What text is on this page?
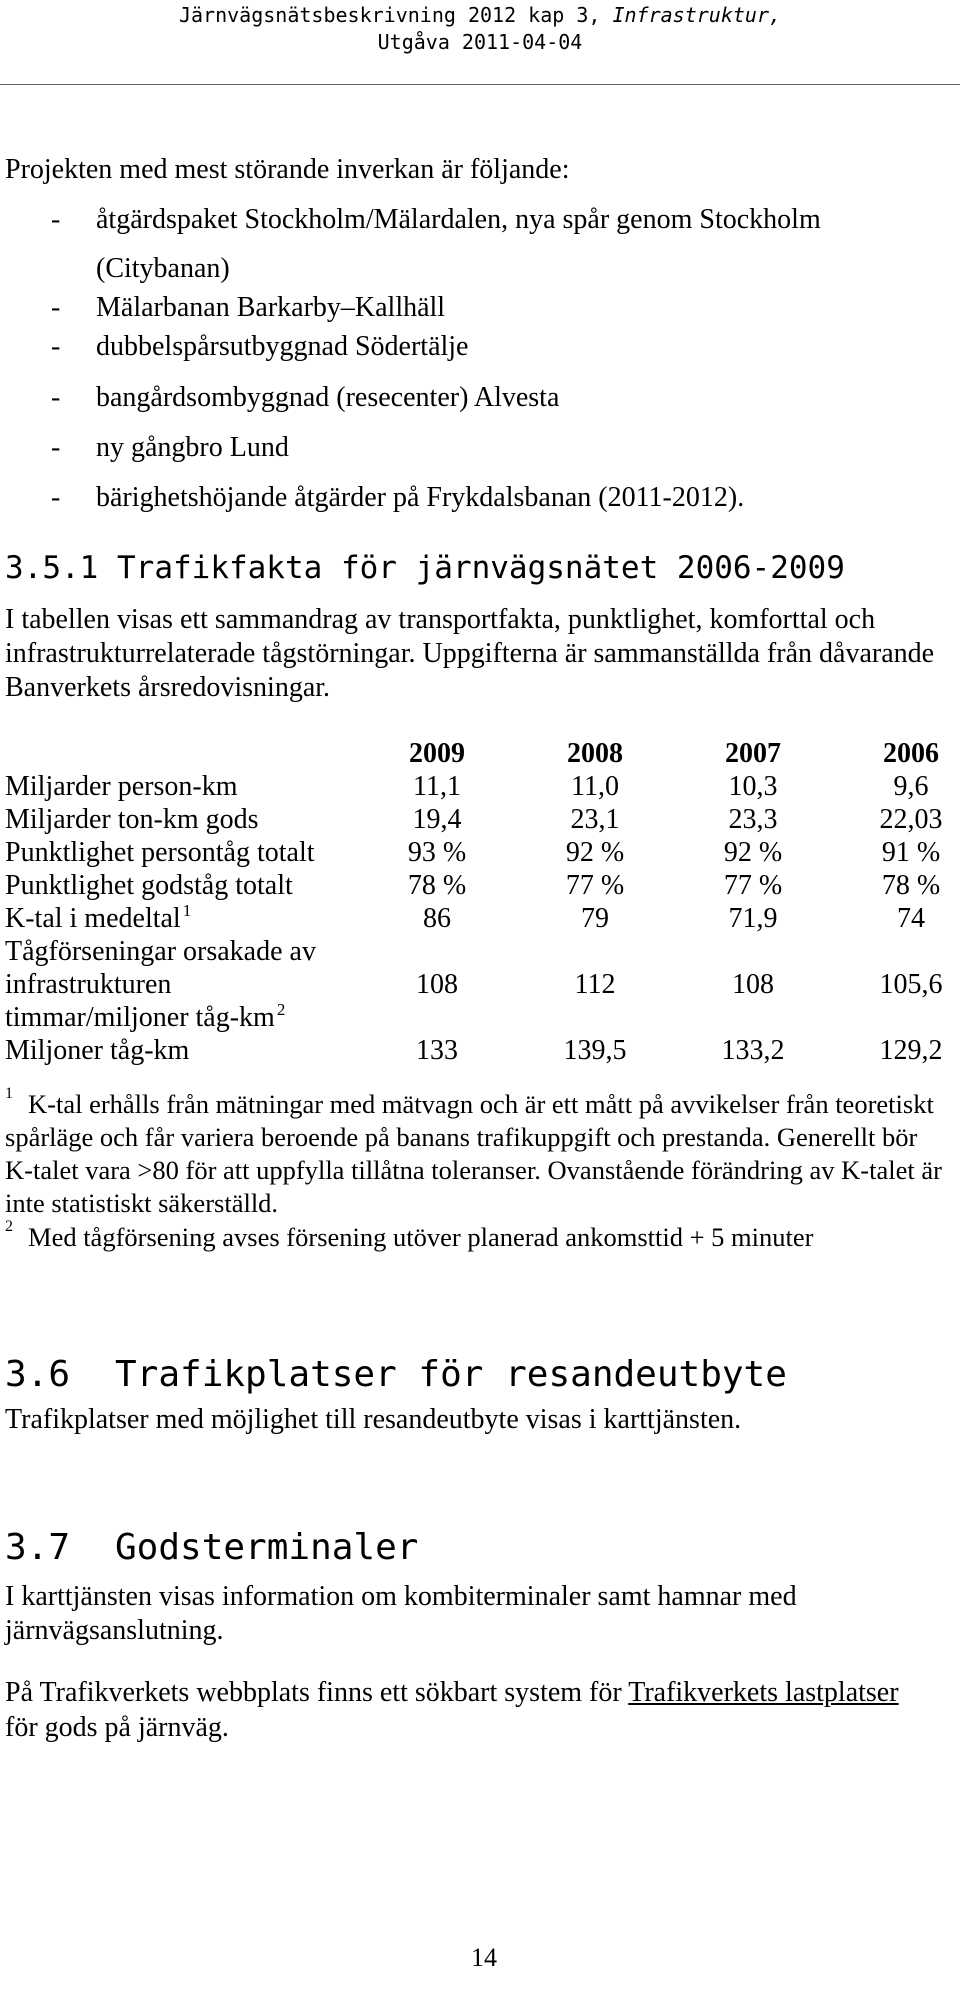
Järnvägsnätsbeskrivning 2012 kap 3, Infrastruktur,
Utgåva 2011-04-04
Projekten med mest störande inverkan är följande:
- åtgärdspaket Stockholm/Mälardalen, nya spår genom Stockholm
(Citybanan)
- Mälarbanan Barkarby–Kallhäll
- dubbelspårsutbyggnad Södertälje
- bangårdsombyggnad (resecenter) Alvesta
- ny gångbro Lund
- bärighetshöjande åtgärder på Frykdalsbanan (2011-2012).
3.5.1 Trafikfakta för järnvägsnätet 2006-2009
I tabellen visas ett sammandrag av transportfakta, punktlighet, komforttal och
infrastrukturrelaterade tågstörningar. Uppgifterna är sammanställda från dåvarande
Banverkets årsredovisningar.
2009	2008	2007	2006
Miljarder person-km	11,1	11,0	10,3	9,6
Miljarder ton-km gods	19,4	23,1	23,3	22,03
Punktlighet persontåg totalt	93 %	92 %	92 %	91 %
Punktlighet godståg totalt	78 %	77 %	77 %	78 %
K-tal i medeltal $^1$	86	79	71,9	74
Tågförseningar orsakade av
infrastrukturen
timmar/miljoner tåg-km $^2$
108	112	108	105,6
Miljoner tåg-km	133	139,5	133,2	129,2
1 K-tal erhålls från mätningar med mätvagn och är ett mått på avvikelser från teoretiskt
spårläge och får variera beroende på banans trafikuppgift och prestanda. Generellt bör
K-talet vara >80 för att uppfylla tillåtna toleranser. Ovanstående förändring av K-talet är
inte statistiskt säkerställd.
2 Med tågförsening avses försening utöver planerad ankomsttid + 5 minuter
3.6 Trafikplatser för resandeutbyte
Trafikplatser med möjlighet till resandeutbyte visas i karttjänsten.
3.7 Godsterminaler
I karttjänsten visas information om kombiterminaler samt hamnar med
järnvägsanslutning.
På Trafikverkets webbplats finns ett sökbart system för Trafikverkets lastplatser
för gods på järnväg.
14
